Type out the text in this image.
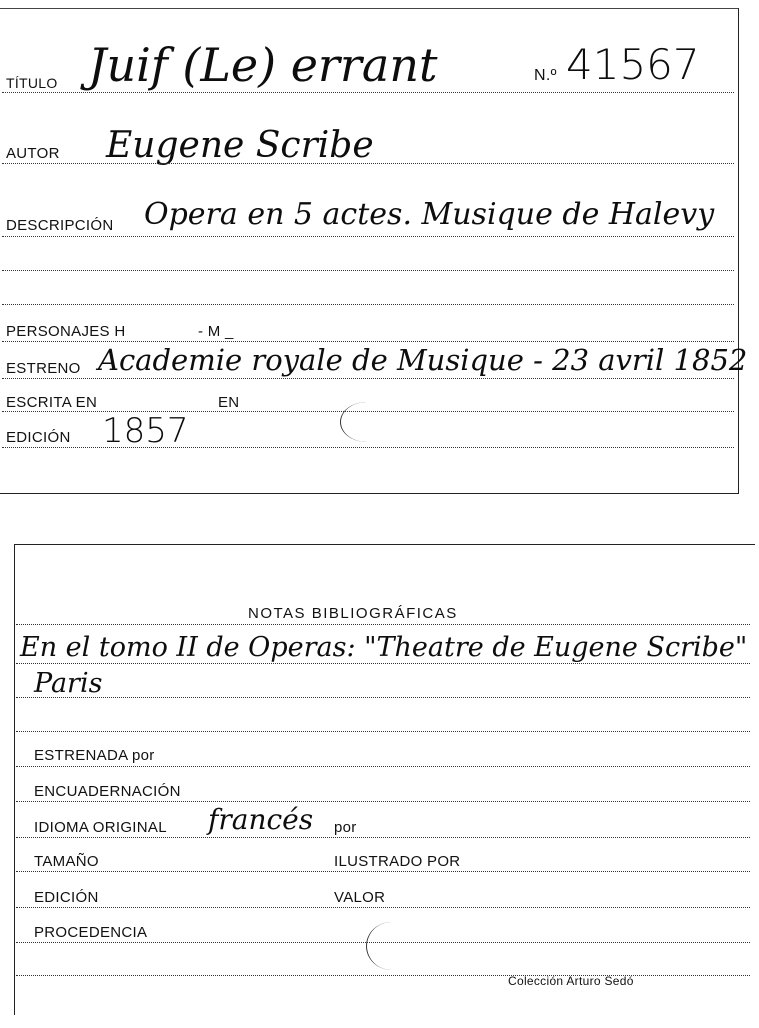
TÍTULO Juif (Le) errant	N.º 41567
AUTOR Eugene Scribe
DESCRIPCIÓN Opera en 5 actes. Musique de Halevy
PERSONAJES H	- M _
ESTRENO Academie royale de Musique - 23 avril 1852
ESCRITA EN	EN
EDICIÓN 1857
NOTAS BIBLIOGRÁFICAS
En el tomo II de Operas: "Theatre de Eugene Scribe"
Paris
ESTRENADA por
ENCUADERNACIÓN
IDIOMA ORIGINAL francés por
TAMAÑO	ILUSTRADO POR
EDICIÓN	VALOR
PROCEDENCIA
Colección Arturo Sedó
